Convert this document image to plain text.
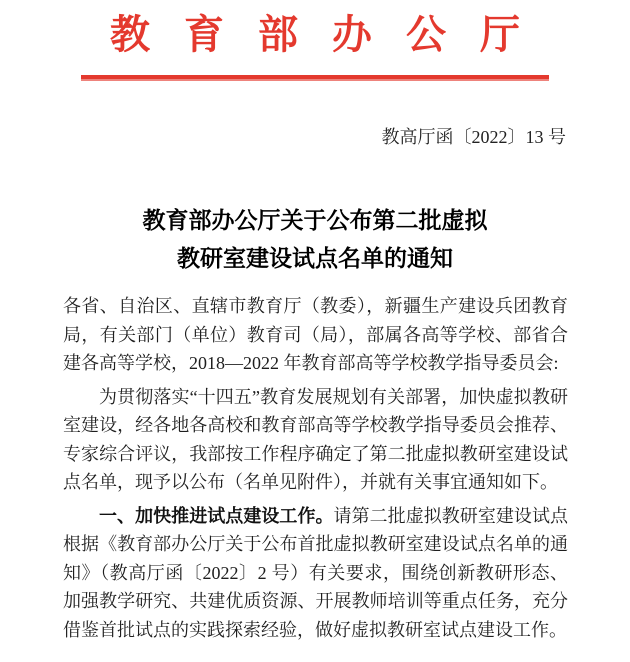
教育部办公厅
教高厅函〔2022〕13 号
教育部办公厅关于公布第二批虚拟
教研室建设试点名单的通知

各省、自治区、直辖市教育厅（教委），新疆生产建设兵团教育局，有关部门（单位）教育司（局），部属各高等学校、部省合建各高等学校，2018—2022 年教育部高等学校教学指导委员会:

为贯彻落实“十四五”教育发展规划有关部署，加快虚拟教研室建设，经各地各高校和教育部高等学校教学指导委员会推荐、专家综合评议，我部按工作程序确定了第二批虚拟教研室建设试点名单，现予以公布（名单见附件），并就有关事宜通知如下。

一、加快推进试点建设工作。请第二批虚拟教研室建设试点根据《教育部办公厅关于公布首批虚拟教研室建设试点名单的通知》（教高厅函〔2022〕2 号）有关要求，围绕创新教研形态、加强教学研究、共建优质资源、开展教师培训等重点任务，充分借鉴首批试点的实践探索经验，做好虚拟教研室试点建设工作。
